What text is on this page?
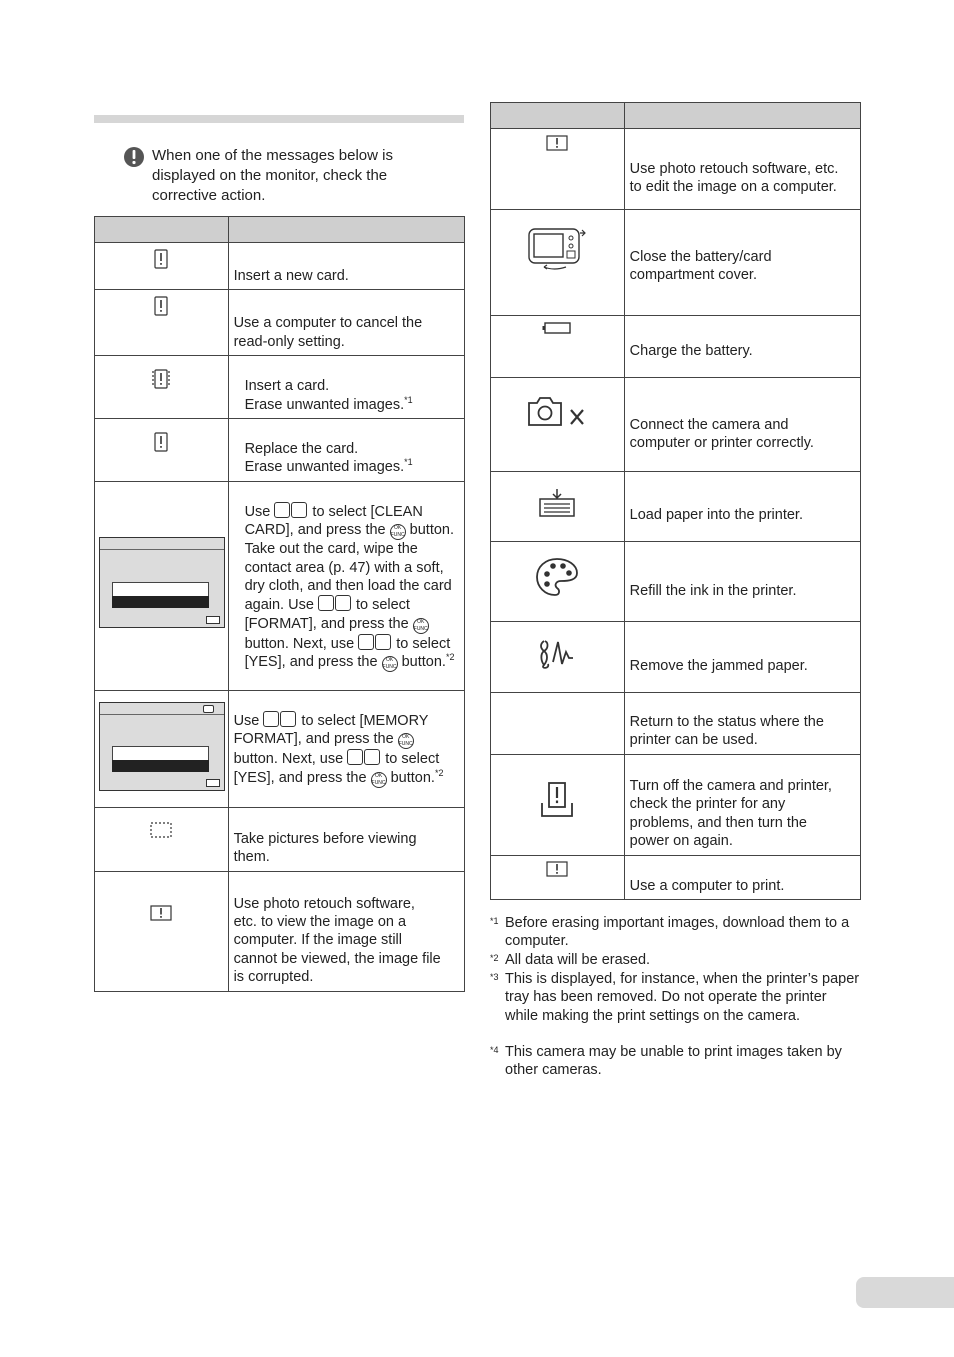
When one of the messages below is displayed on the monitor, check the corrective action.

Insert a new card.

Use a computer to cancel the
read-only setting.

Insert a card.
Erase unwanted images.$^{*1}$

Replace the card.
Erase unwanted images.$^{*1}$

	Use to select [CLEAN CARD], and press the OK
FUNC button. Take out the card, wipe the contact area (p. 47) with a soft, dry cloth, and then load the card again. Use to select [FORMAT], and press the OK
FUNC button. Next, use  to select [YES], and press the OK
FUNC button.$^{*2}$

	Use to select [MEMORY FORMAT], and press the OK
FUNC button. Next, use  to select [YES], and press the OK
FUNC button.$^{*2}$

Take pictures before viewing
them.

Use photo retouch software,
etc. to view the image on a
computer. If the image still
cannot be viewed, the image file
is corrupted.

Use photo retouch software, etc.
to edit the image on a computer.

Close the battery/card
compartment cover.

Charge the battery.

Connect the camera and
computer or printer correctly.

Load paper into the printer.

Refill the ink in the printer.

Remove the jammed paper.

	Return to the status where the
printer can be used.

Turn off the camera and printer,
check the printer for any
problems, and then turn the
power on again.

Use a computer to print.
*1 Before erasing important images, download them to a computer.
*2 All data will be erased.
*3 This is displayed, for instance, when the printer’s paper tray has been removed. Do not operate the printer while making the print settings on the camera.
*4 This camera may be unable to print images taken by other cameras.
